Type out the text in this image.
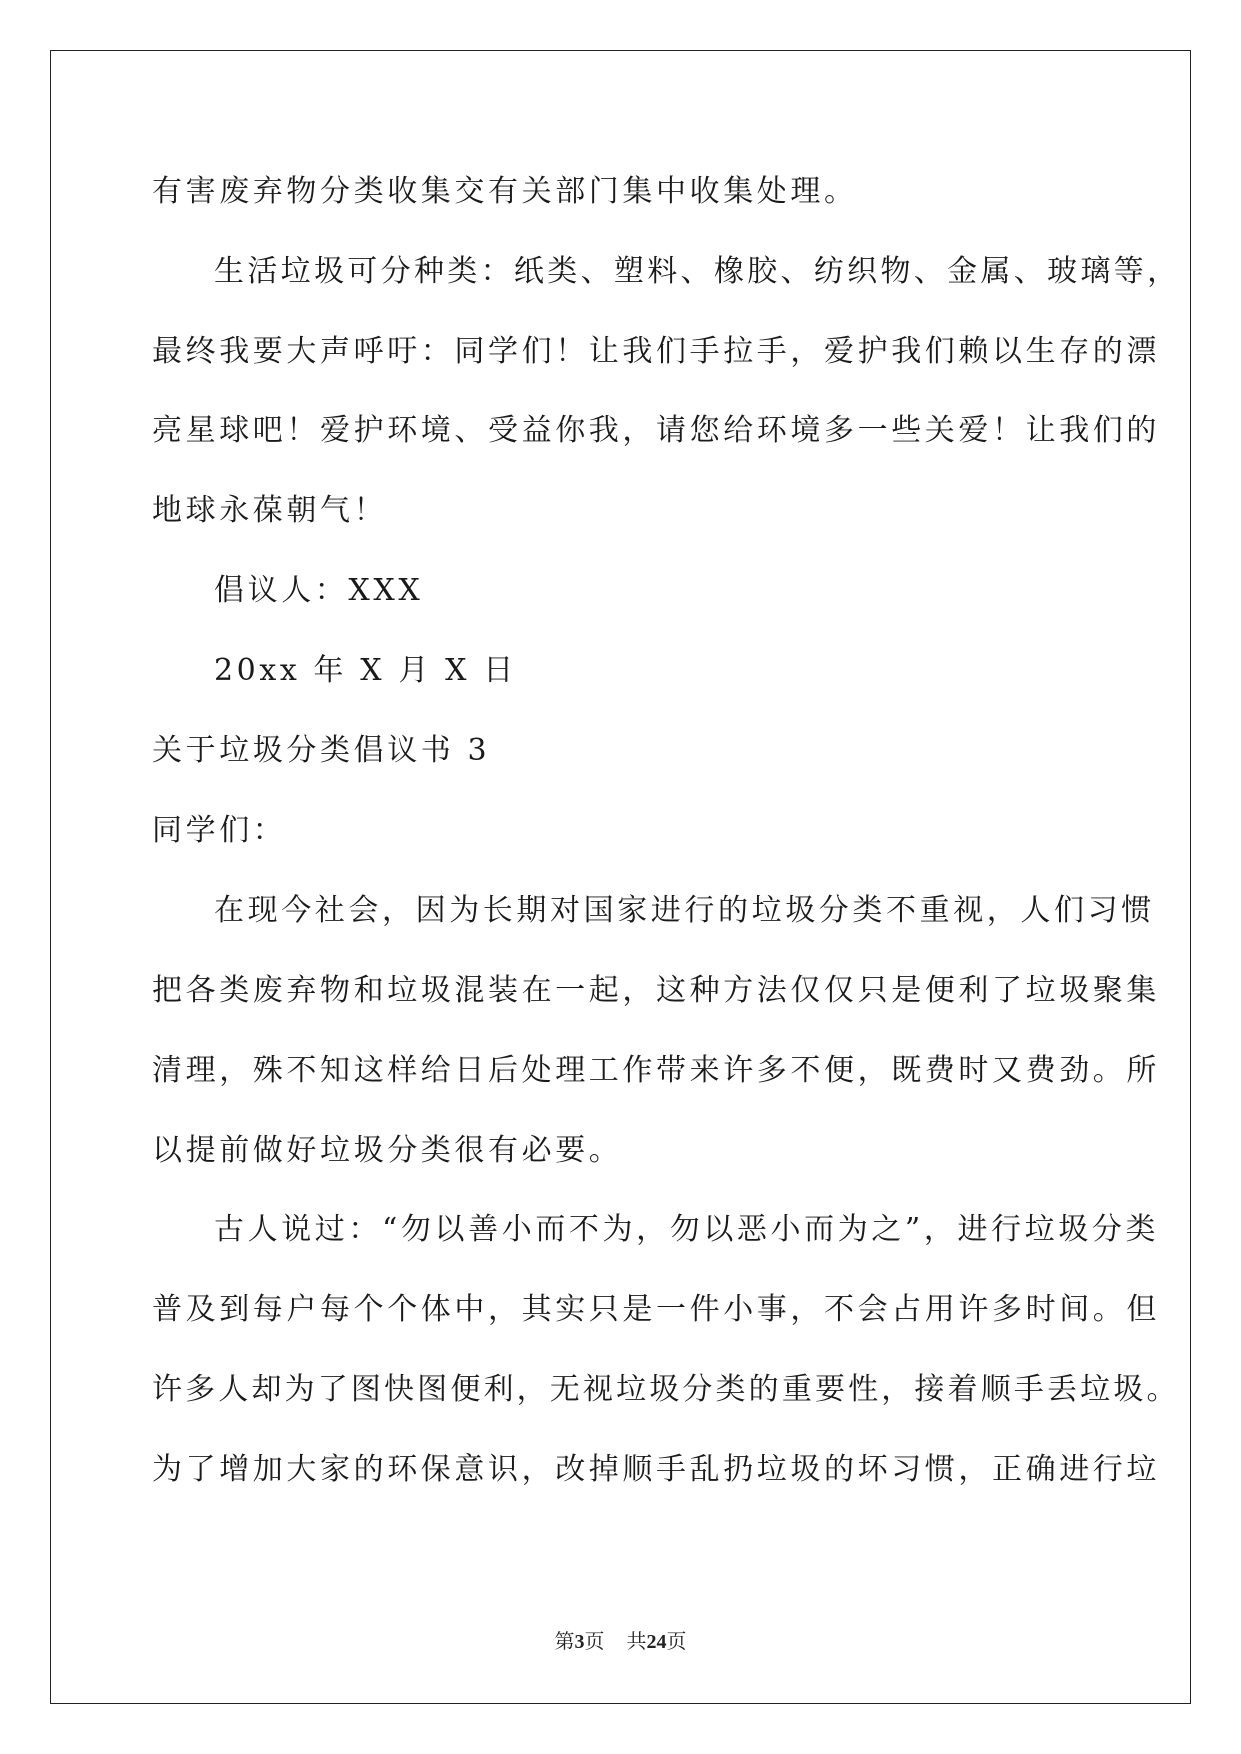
有害废弃物分类收集交有关部门集中收集处理。

生活垃圾可分种类：纸类、塑料、橡胶、纺织物、金属、玻璃等，

最终我要大声呼吁：同学们！让我们手拉手，爱护我们赖以生存的漂

亮星球吧！爱护环境、受益你我，请您给环境多一些关爱！让我们的

地球永葆朝气！

倡议人：XXX

20xx 年 X 月 X 日

关于垃圾分类倡议书 3

同学们：

在现今社会，因为长期对国家进行的垃圾分类不重视，人们习惯

把各类废弃物和垃圾混装在一起，这种方法仅仅只是便利了垃圾聚集

清理，殊不知这样给日后处理工作带来许多不便，既费时又费劲。所

以提前做好垃圾分类很有必要。

古人说过：“勿以善小而不为，勿以恶小而为之”，进行垃圾分类

普及到每户每个个体中，其实只是一件小事，不会占用许多时间。但

许多人却为了图快图便利，无视垃圾分类的重要性，接着顺手丢垃圾。

为了增加大家的环保意识，改掉顺手乱扔垃圾的坏习惯，正确进行垃

第3页 共24页
